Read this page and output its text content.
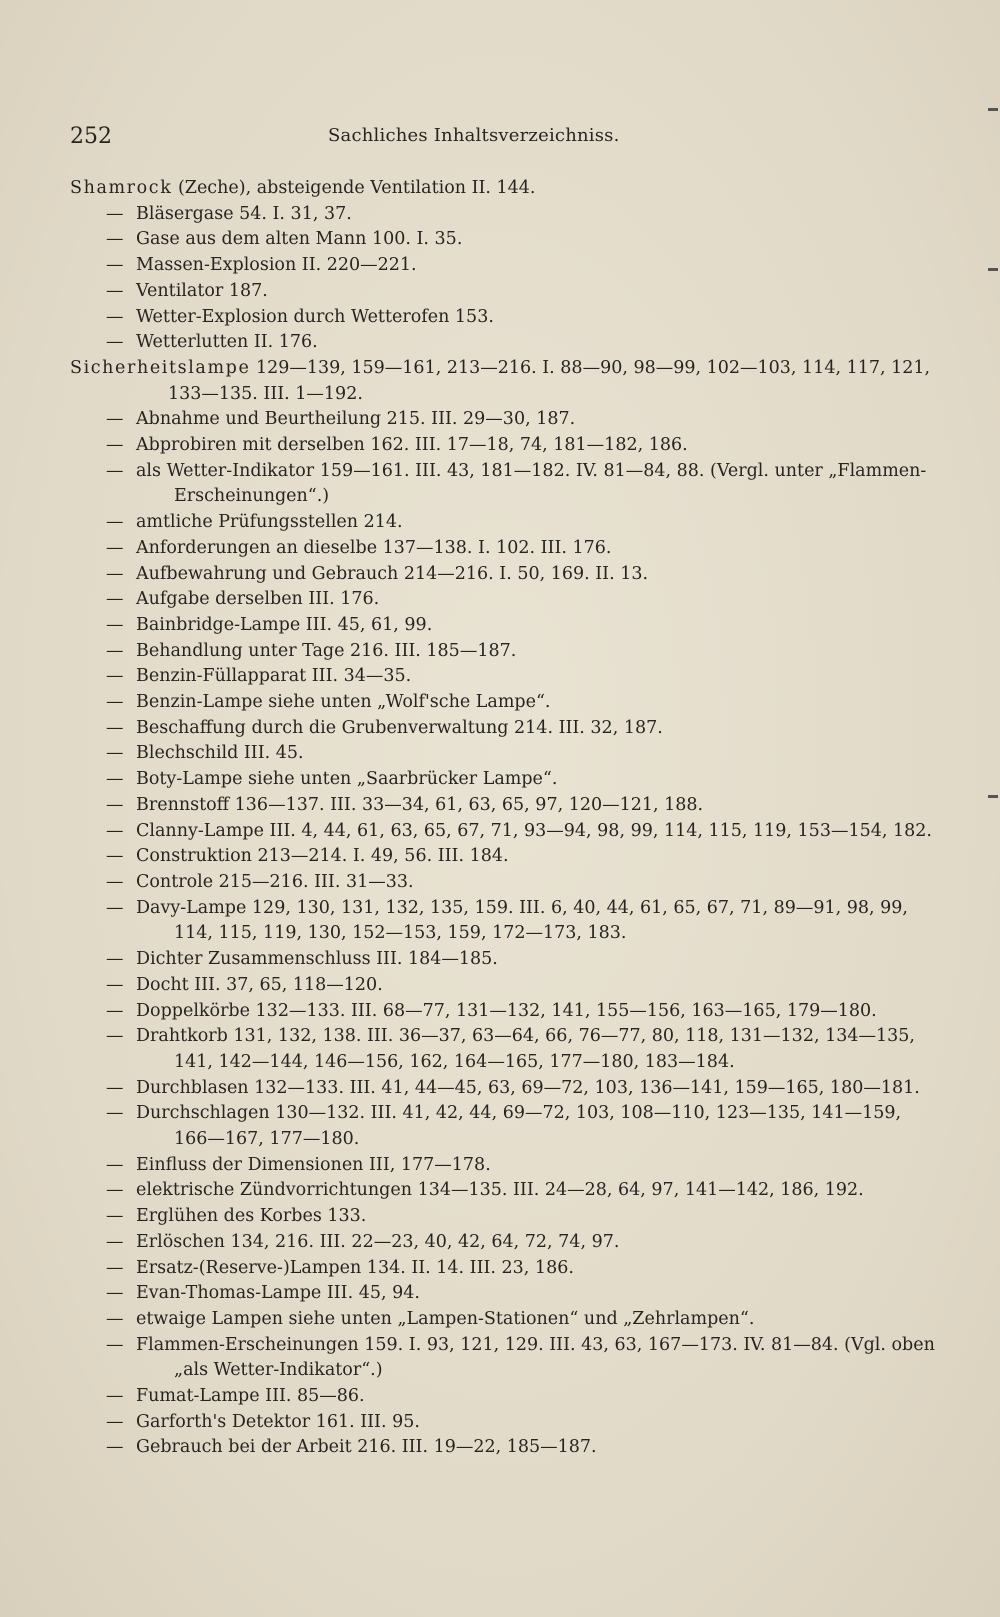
252	Sachliches Inhaltsverzeichniss.
Shamrock (Zeche), absteigende Ventilation II. 144.
— Bläsergase 54. I. 31, 37.
— Gase aus dem alten Mann 100. I. 35.
— Massen-Explosion II. 220—221.
— Ventilator 187.
— Wetter-Explosion durch Wetterofen 153.
— Wetterlutten II. 176.
Sicherheitslampe 129—139, 159—161, 213—216. I. 88—90, 98—99, 102—103, 114, 117, 121, 133—135. III. 1—192.
— Abnahme und Beurtheilung 215. III. 29—30, 187.
— Abprobiren mit derselben 162. III. 17—18, 74, 181—182, 186.
— als Wetter-Indikator 159—161. III. 43, 181—182. IV. 81—84, 88. (Vergl. unter „Flammen-Erscheinungen“.)
— amtliche Prüfungsstellen 214.
— Anforderungen an dieselbe 137—138. I. 102. III. 176.
— Aufbewahrung und Gebrauch 214—216. I. 50, 169. II. 13.
— Aufgabe derselben III. 176.
— Bainbridge-Lampe III. 45, 61, 99.
— Behandlung unter Tage 216. III. 185—187.
— Benzin-Füllapparat III. 34—35.
— Benzin-Lampe siehe unten „Wolf'sche Lampe“.
— Beschaffung durch die Grubenverwaltung 214. III. 32, 187.
— Blechschild III. 45.
— Boty-Lampe siehe unten „Saarbrücker Lampe“.
— Brennstoff 136—137. III. 33—34, 61, 63, 65, 97, 120—121, 188.
— Clanny-Lampe III. 4, 44, 61, 63, 65, 67, 71, 93—94, 98, 99, 114, 115, 119, 153—154, 182.
— Construktion 213—214. I. 49, 56. III. 184.
— Controle 215—216. III. 31—33.
— Davy-Lampe 129, 130, 131, 132, 135, 159. III. 6, 40, 44, 61, 65, 67, 71, 89—91, 98, 99, 114, 115, 119, 130, 152—153, 159, 172—173, 183.
— Dichter Zusammenschluss III. 184—185.
— Docht III. 37, 65, 118—120.
— Doppelkörbe 132—133. III. 68—77, 131—132, 141, 155—156, 163—165, 179—180.
— Drahtkorb 131, 132, 138. III. 36—37, 63—64, 66, 76—77, 80, 118, 131—132, 134—135, 141, 142—144, 146—156, 162, 164—165, 177—180, 183—184.
— Durchblasen 132—133. III. 41, 44—45, 63, 69—72, 103, 136—141, 159—165, 180—181.
— Durchschlagen 130—132. III. 41, 42, 44, 69—72, 103, 108—110, 123—135, 141—159, 166—167, 177—180.
— Einfluss der Dimensionen III, 177—178.
— elektrische Zündvorrichtungen 134—135. III. 24—28, 64, 97, 141—142, 186, 192.
— Erglühen des Korbes 133.
— Erlöschen 134, 216. III. 22—23, 40, 42, 64, 72, 74, 97.
— Ersatz-(Reserve-)Lampen 134. II. 14. III. 23, 186.
— Evan-Thomas-Lampe III. 45, 94.
— etwaige Lampen siehe unten „Lampen-Stationen“ und „Zehrlampen“.
— Flammen-Erscheinungen 159. I. 93, 121, 129. III. 43, 63, 167—173. IV. 81—84. (Vgl. oben „als Wetter-Indikator“.)
— Fumat-Lampe III. 85—86.
— Garforth's Detektor 161. III. 95.
— Gebrauch bei der Arbeit 216. III. 19—22, 185—187.
